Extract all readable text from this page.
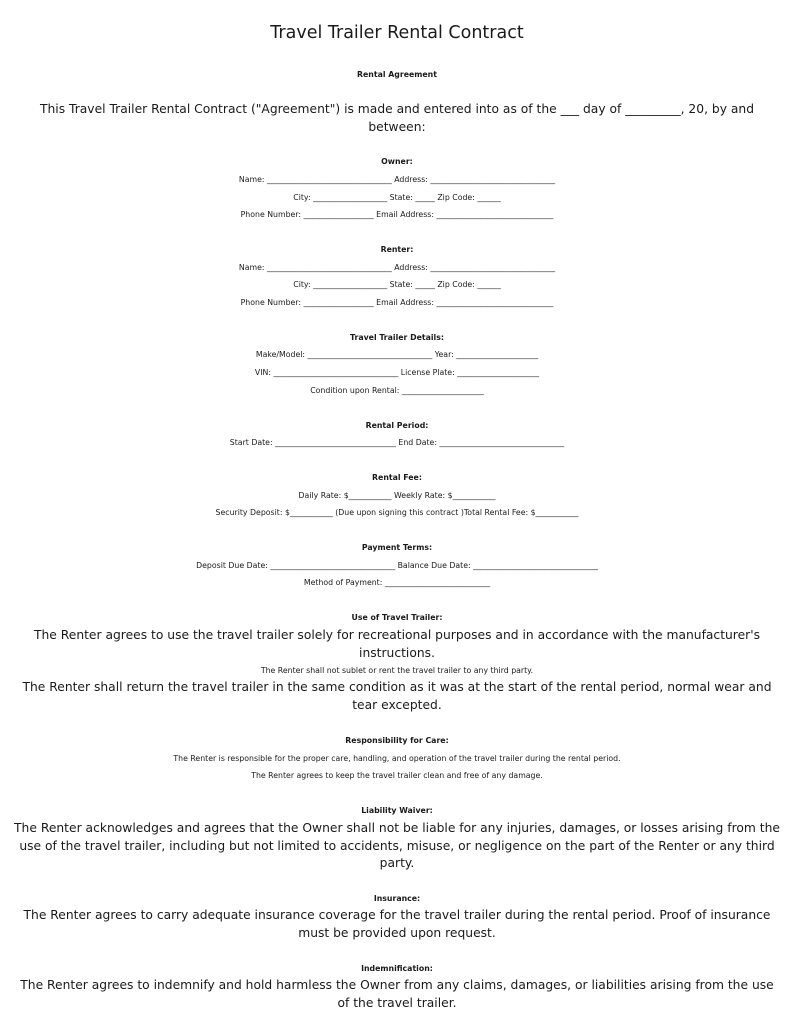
Travel Trailer Rental Contract
Rental Agreement
This Travel Trailer Rental Contract ("Agreement") is made and entered into as of the ___ day of _________, 20, by and between:
Owner:
Name: ________________________________ Address: ________________________________
City: ___________________ State: _____ Zip Code: ______
Phone Number: __________________ Email Address: ______________________________
Renter:
Name: ________________________________ Address: ________________________________
City: ___________________ State: _____ Zip Code: ______
Phone Number: __________________ Email Address: ______________________________
Travel Trailer Details:
Make/Model: ________________________________ Year: _____________________
VIN: ________________________________ License Plate: _____________________
Condition upon Rental: _____________________
Rental Period:
Start Date: _______________________________ End Date: ________________________________
Rental Fee:
Daily Rate: $___________ Weekly Rate: $___________
Security Deposit: $___________ (Due upon signing this contract )Total Rental Fee: $___________
Payment Terms:
Deposit Due Date: ________________________________ Balance Due Date: ________________________________
Method of Payment: ___________________________
Use of Travel Trailer:
The Renter agrees to use the travel trailer solely for recreational purposes and in accordance with the manufacturer's instructions.
The Renter shall not sublet or rent the travel trailer to any third party.
The Renter shall return the travel trailer in the same condition as it was at the start of the rental period, normal wear and tear excepted.
Responsibility for Care:
The Renter is responsible for the proper care, handling, and operation of the travel trailer during the rental period.
The Renter agrees to keep the travel trailer clean and free of any damage.
Liability Waiver:
The Renter acknowledges and agrees that the Owner shall not be liable for any injuries, damages, or losses arising from the use of the travel trailer, including but not limited to accidents, misuse, or negligence on the part of the Renter or any third party.
Insurance:
The Renter agrees to carry adequate insurance coverage for the travel trailer during the rental period. Proof of insurance must be provided upon request.
Indemnification:
The Renter agrees to indemnify and hold harmless the Owner from any claims, damages, or liabilities arising from the use of the travel trailer.
